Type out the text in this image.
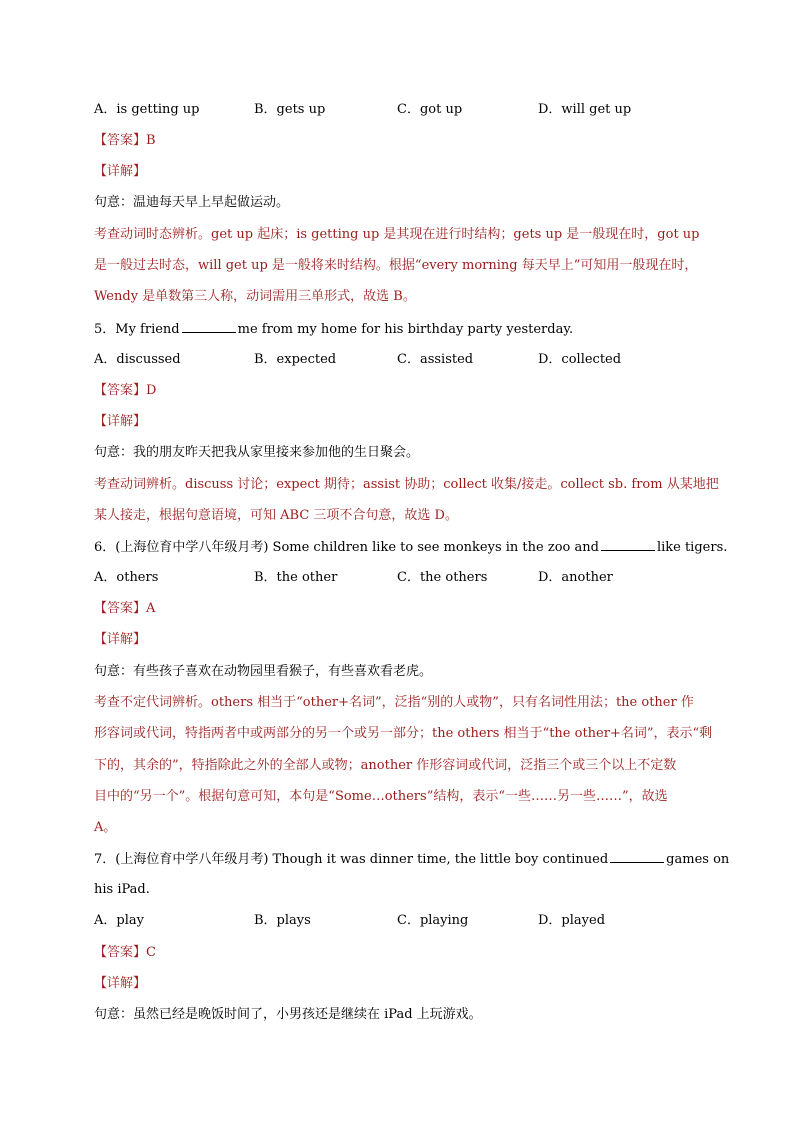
A．is getting up	B．gets up	C．got up	D．will get up
【答案】B
【详解】
句意：温迪每天早上早起做运动。
考查动词时态辨析。get up 起床；is getting up 是其现在进行时结构；gets up 是一般现在时，got up
是一般过去时态，will get up 是一般将来时结构。根据“every morning 每天早上”可知用一般现在时，
Wendy 是单数第三人称，动词需用三单形式，故选 B。
5．My friend	me from my home for his birthday party yesterday.
A．discussed	B．expected	C．assisted	D．collected
【答案】D
【详解】
句意：我的朋友昨天把我从家里接来参加他的生日聚会。
考查动词辨析。discuss 讨论；expect 期待；assist 协助；collect 收集/接走。collect sb. from 从某地把
某人接走，根据句意语境，可知 ABC 三项不合句意，故选 D。
6．(上海位育中学八年级月考) Some children like to see monkeys in the zoo and	like tigers.
A．others	B．the other	C．the others	D．another
【答案】A
【详解】
句意：有些孩子喜欢在动物园里看猴子，有些喜欢看老虎。
考查不定代词辨析。others 相当于“other+名词”，泛指“别的人或物”，只有名词性用法；the other 作
形容词或代词，特指两者中或两部分的另一个或另一部分；the others 相当于“the other+名词”，表示“剩
下的，其余的”，特指除此之外的全部人或物；another 作形容词或代词，泛指三个或三个以上不定数
目中的“另一个”。根据句意可知，本句是“Some…others”结构，表示“一些……另一些……”，故选
A。
7．(上海位育中学八年级月考) Though it was dinner time, the little boy continued	games on
his iPad.
A．play	B．plays	C．playing	D．played
【答案】C
【详解】
句意：虽然已经是晚饭时间了，小男孩还是继续在 iPad 上玩游戏。
